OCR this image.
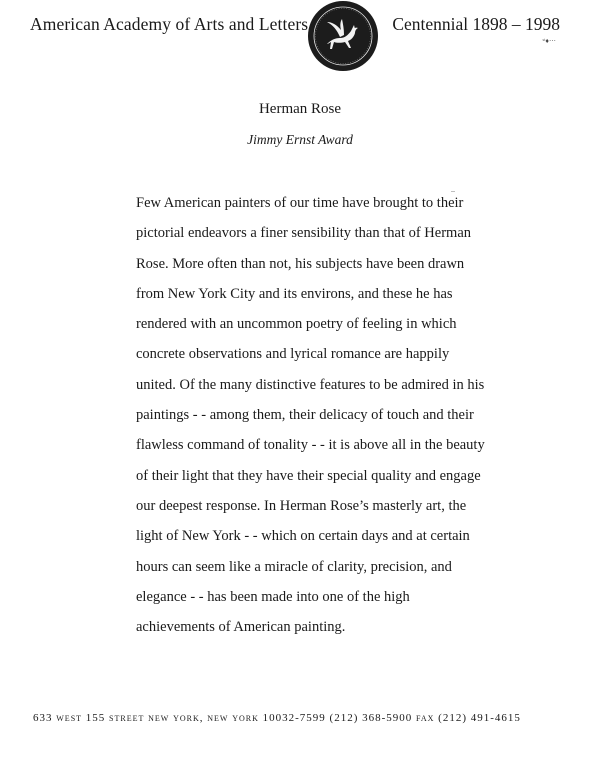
American Academy of Arts and Letters	Centennial 1898 – 1998
ˢᵗ♦···
Herman Rose
Jimmy Ernst Award
..
Few American painters of our time have brought to their
pictorial endeavors a finer sensibility than that of Herman
Rose. More often than not, his subjects have been drawn
from New York City and its environs, and these he has
rendered with an uncommon poetry of feeling in which
concrete observations and lyrical romance are happily
united. Of the many distinctive features to be admired in his
paintings - - among them, their delicacy of touch and their
flawless command of tonality - - it is above all in the beauty
of their light that they have their special quality and engage
our deepest response. In Herman Rose’s masterly art, the
light of New York - - which on certain days and at certain
hours can seem like a miracle of clarity, precision, and
elegance - - has been made into one of the high
achievements of American painting.
633 west 155 street new york, new york 10032-7599 (212) 368-5900 fax (212) 491-4615
